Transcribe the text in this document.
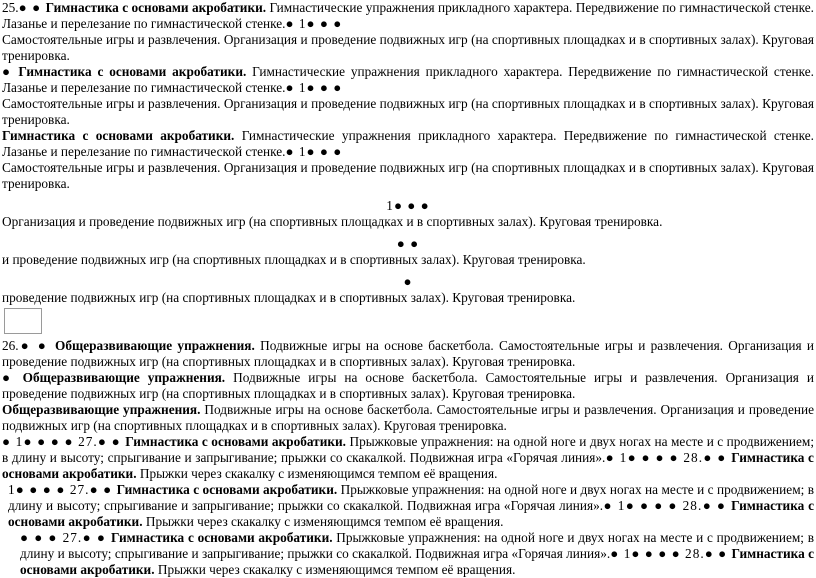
25.● ● Гимнастика с основами акробатики. Гимнастические упражнения прикладного характера. Передвижение по гимнастической стенке. Лазанье и перелезание по гимнастической стенке.● 1● ● ●

Самостоятельные игры и развлечения. Организация и проведение подвижных игр (на спортивных площадках и в спортивных залах). Круговая тренировка.

● Гимнастика с основами акробатики. Гимнастические упражнения прикладного характера. Передвижение по гимнастической стенке. Лазанье и перелезание по гимнастической стенке.● 1● ● ●

Самостоятельные игры и развлечения. Организация и проведение подвижных игр (на спортивных площадках и в спортивных залах). Круговая тренировка.

Гимнастика с основами акробатики. Гимнастические упражнения прикладного характера. Передвижение по гимнастической стенке. Лазанье и перелезание по гимнастической стенке.● 1● ● ●

Самостоятельные игры и развлечения. Организация и проведение подвижных игр (на спортивных площадках и в спортивных залах). Круговая тренировка.

1● ● ●

Организация и проведение подвижных игр (на спортивных площадках и в спортивных залах). Круговая тренировка.

● ●

и проведение подвижных игр (на спортивных площадках и в спортивных залах). Круговая тренировка.

●

проведение подвижных игр (на спортивных площадках и в спортивных залах). Круговая тренировка.

26.● ● Общеразвивающие упражнения. Подвижные игры на основе баскетбола. Самостоятельные игры и развлечения. Организация и проведение подвижных игр (на спортивных площадках и в спортивных залах). Круговая тренировка.

● Общеразвивающие упражнения. Подвижные игры на основе баскетбола. Самостоятельные игры и развлечения. Организация и проведение подвижных игр (на спортивных площадках и в спортивных залах). Круговая тренировка.

Общеразвивающие упражнения. Подвижные игры на основе баскетбола. Самостоятельные игры и развлечения. Организация и проведение подвижных игр (на спортивных площадках и в спортивных залах). Круговая тренировка.

● 1● ● ● ● 27.● ● Гимнастика с основами акробатики. Прыжковые упражнения: на одной ноге и двух ногах на месте и с продвижением; в длину и высоту; спрыгивание и запрыгивание; прыжки со скакалкой. Подвижная игра «Горячая линия».● 1● ● ● ● 28.● ● Гимнастика с основами акробатики. Прыжки через скакалку с изменяющимся темпом её вращения.

1● ● ● ● 27.● ● Гимнастика с основами акробатики. Прыжковые упражнения: на одной ноге и двух ногах на месте и с продвижением; в длину и высоту; спрыгивание и запрыгивание; прыжки со скакалкой. Подвижная игра «Горячая линия».● 1● ● ● ● 28.● ● Гимнастика с основами акробатики. Прыжки через скакалку с изменяющимся темпом её вращения.

● ● ● 27.● ● Гимнастика с основами акробатики. Прыжковые упражнения: на одной ноге и двух ногах на месте и с продвижением; в длину и высоту; спрыгивание и запрыгивание; прыжки со скакалкой. Подвижная игра «Горячая линия».● 1● ● ● ● 28.● ● Гимнастика с основами акробатики. Прыжки через скакалку с изменяющимся темпом её вращения.
